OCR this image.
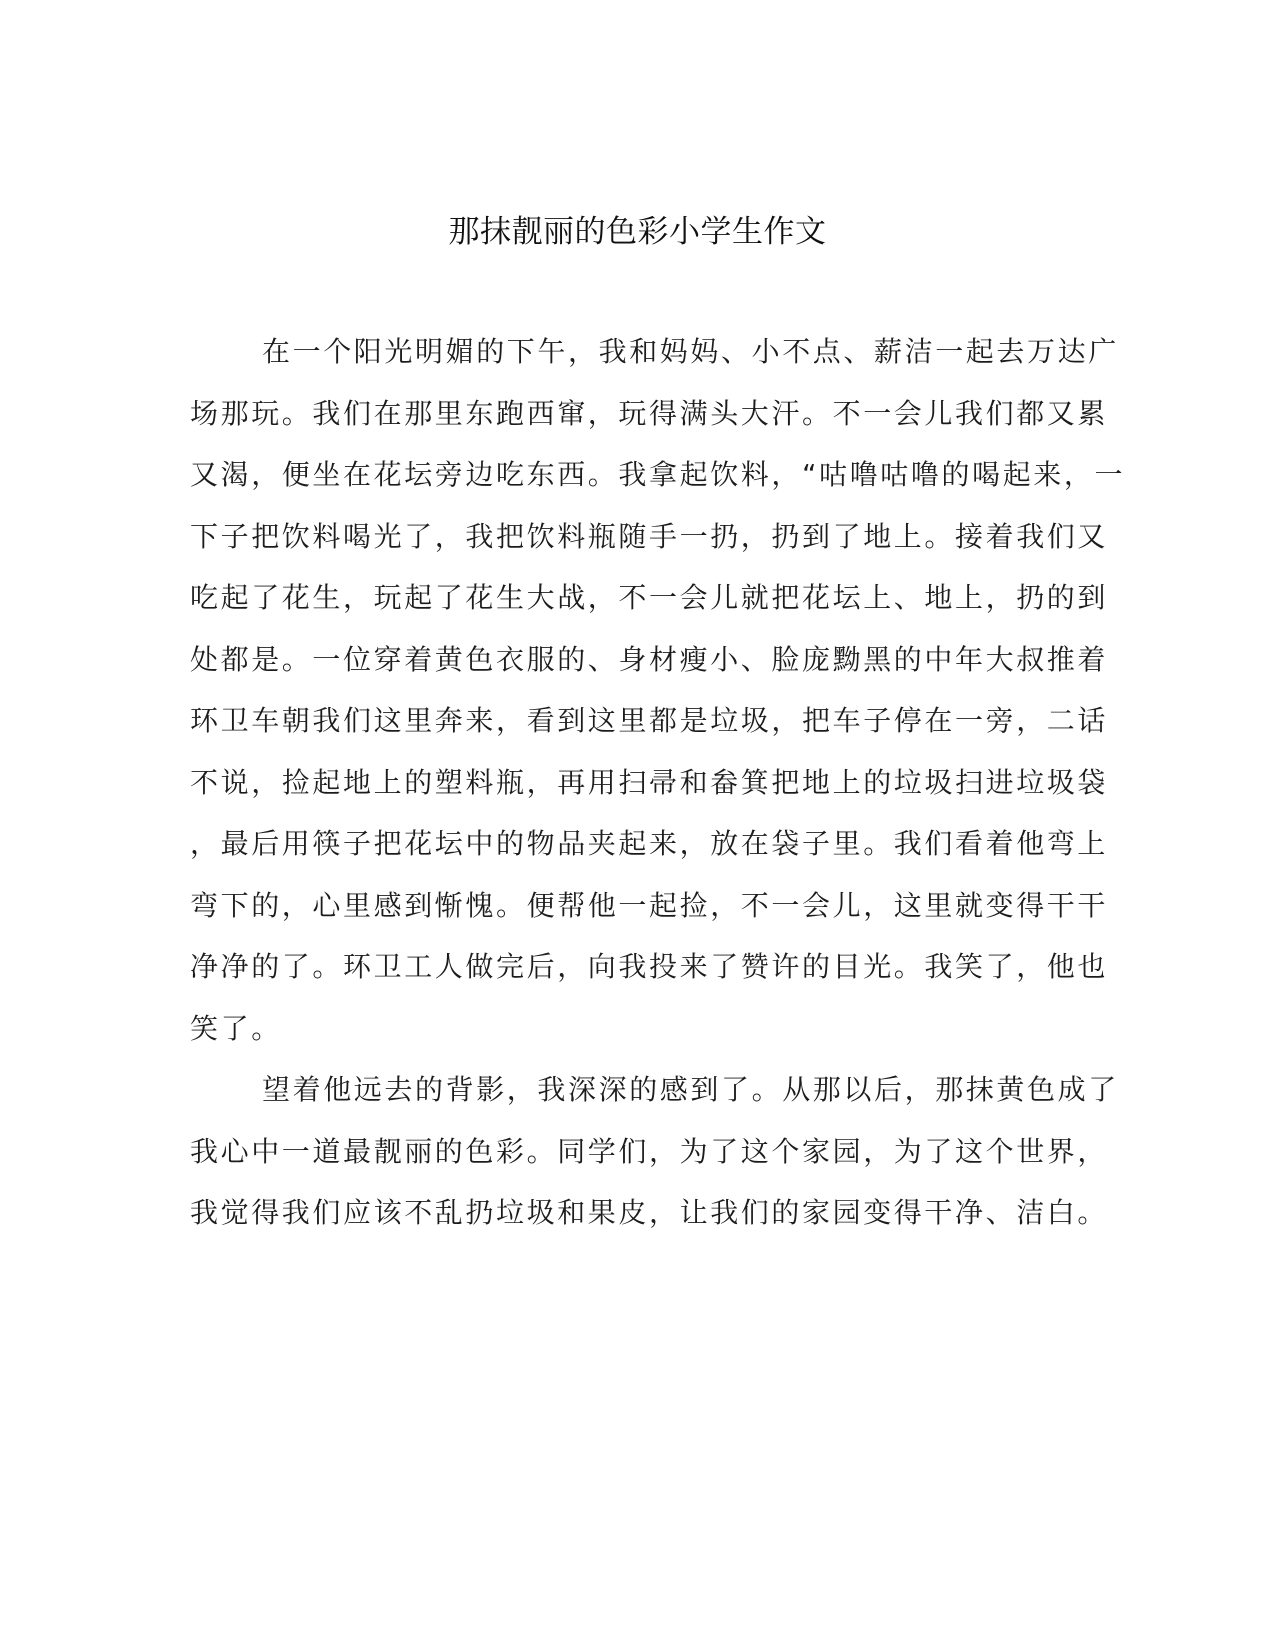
那抹靓丽的色彩小学生作文
在一个阳光明媚的下午，我和妈妈、小不点、薪洁一起去万达广
场那玩。我们在那里东跑西窜，玩得满头大汗。不一会儿我们都又累
又渴，便坐在花坛旁边吃东西。我拿起饮料，“咕噜咕噜的喝起来，一
下子把饮料喝光了，我把饮料瓶随手一扔，扔到了地上。接着我们又
吃起了花生，玩起了花生大战，不一会儿就把花坛上、地上，扔的到
处都是。一位穿着黄色衣服的、身材瘦小、脸庞黝黑的中年大叔推着
环卫车朝我们这里奔来，看到这里都是垃圾，把车子停在一旁，二话
不说，捡起地上的塑料瓶，再用扫帚和畚箕把地上的垃圾扫进垃圾袋
，最后用筷子把花坛中的物品夹起来，放在袋子里。我们看着他弯上
弯下的，心里感到惭愧。便帮他一起捡，不一会儿，这里就变得干干
净净的了。环卫工人做完后，向我投来了赞许的目光。我笑了，他也
笑了。
望着他远去的背影，我深深的感到了。从那以后，那抹黄色成了
我心中一道最靓丽的色彩。同学们，为了这个家园，为了这个世界，
我觉得我们应该不乱扔垃圾和果皮，让我们的家园变得干净、洁白。
